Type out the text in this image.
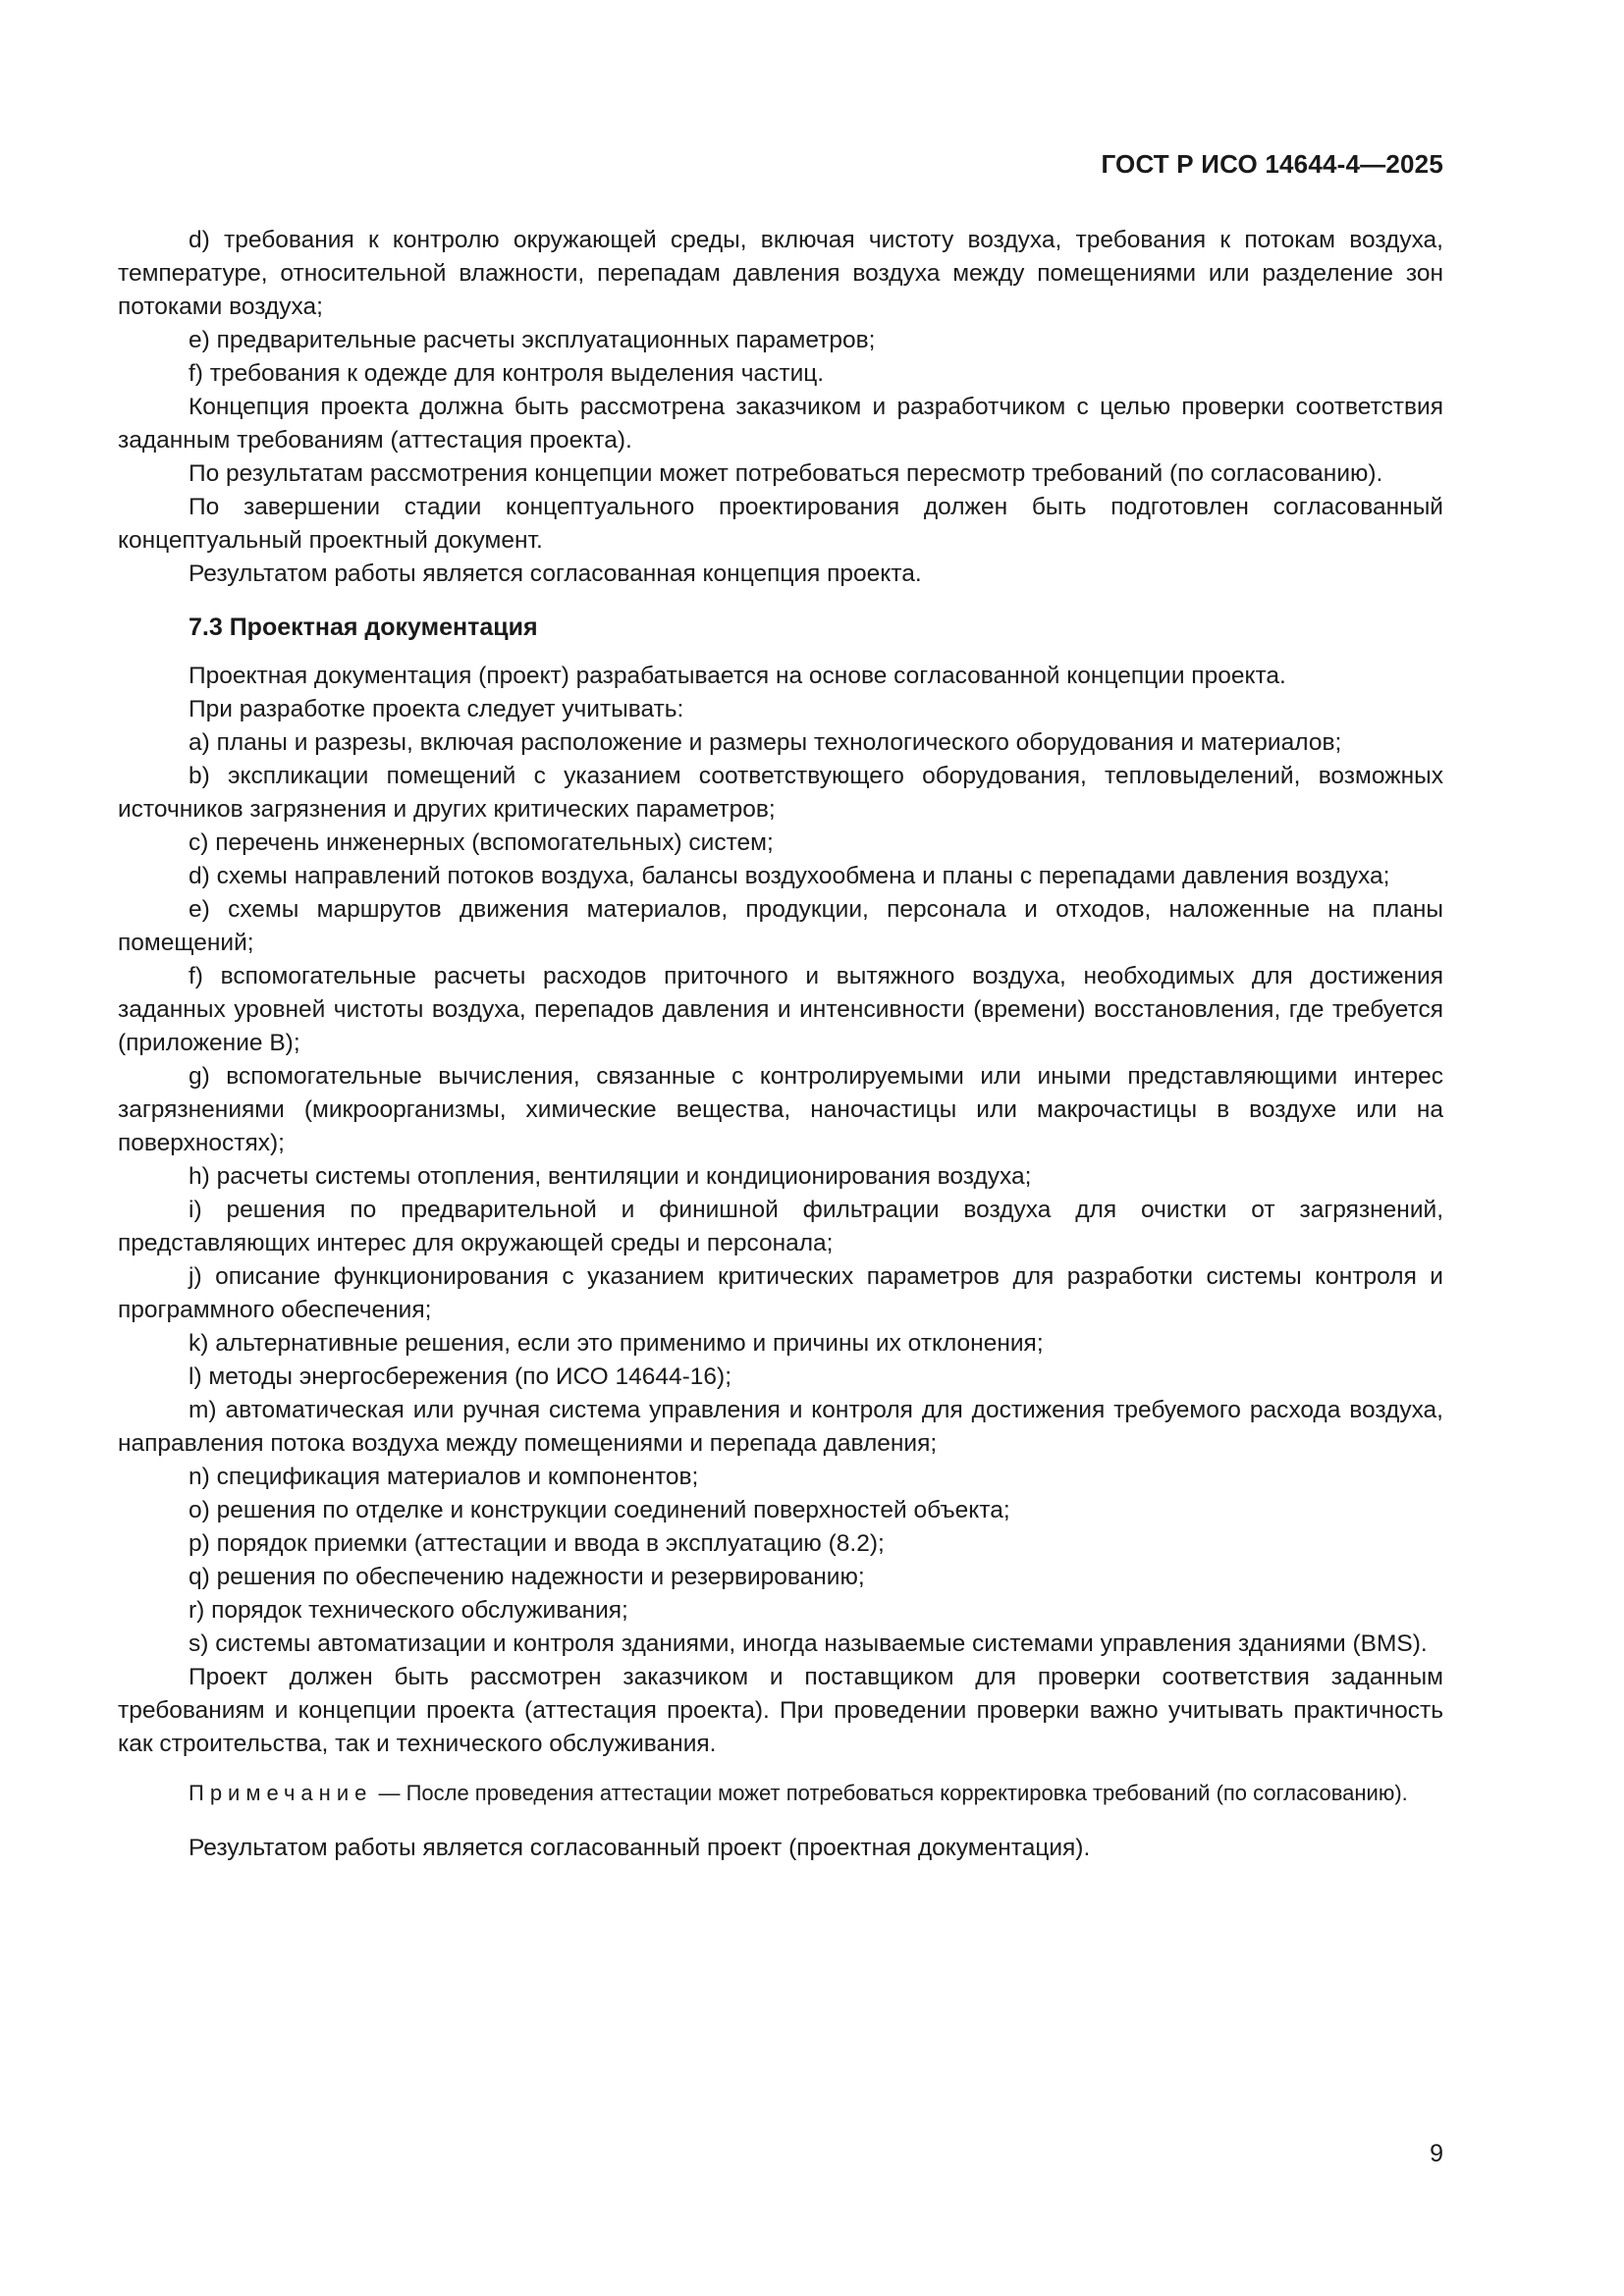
ГОСТ Р ИСО 14644-4—2025

d) требования к контролю окружающей среды, включая чистоту воздуха, требования к потокам воздуха, температуре, относительной влажности, перепадам давления воздуха между помещениями или разделение зон потоками воздуха;

e) предварительные расчеты эксплуатационных параметров;

f) требования к одежде для контроля выделения частиц.

Концепция проекта должна быть рассмотрена заказчиком и разработчиком с целью проверки соответствия заданным требованиям (аттестация проекта).

По результатам рассмотрения концепции может потребоваться пересмотр требований (по согласованию).

По завершении стадии концептуального проектирования должен быть подготовлен согласованный концептуальный проектный документ.

Результатом работы является согласованная концепция проекта.

7.3 Проектная документация

Проектная документация (проект) разрабатывается на основе согласованной концепции проекта.

При разработке проекта следует учитывать:

a) планы и разрезы, включая расположение и размеры технологического оборудования и материалов;

b) экспликации помещений с указанием соответствующего оборудования, тепловыделений, возможных источников загрязнения и других критических параметров;

c) перечень инженерных (вспомогательных) систем;

d) схемы направлений потоков воздуха, балансы воздухообмена и планы с перепадами давления воздуха;

e) схемы маршрутов движения материалов, продукции, персонала и отходов, наложенные на планы помещений;

f) вспомогательные расчеты расходов приточного и вытяжного воздуха, необходимых для достижения заданных уровней чистоты воздуха, перепадов давления и интенсивности (времени) восстановления, где требуется (приложение B);

g) вспомогательные вычисления, связанные с контролируемыми или иными представляющими интерес загрязнениями (микроорганизмы, химические вещества, наночастицы или макрочастицы в воздухе или на поверхностях);

h) расчеты системы отопления, вентиляции и кондиционирования воздуха;

i) решения по предварительной и финишной фильтрации воздуха для очистки от загрязнений, представляющих интерес для окружающей среды и персонала;

j) описание функционирования с указанием критических параметров для разработки системы контроля и программного обеспечения;

k) альтернативные решения, если это применимо и причины их отклонения;

l) методы энергосбережения (по ИСО 14644-16);

m) автоматическая или ручная система управления и контроля для достижения требуемого расхода воздуха, направления потока воздуха между помещениями и перепада давления;

n) спецификация материалов и компонентов;

o) решения по отделке и конструкции соединений поверхностей объекта;

p) порядок приемки (аттестации и ввода в эксплуатацию (8.2);

q) решения по обеспечению надежности и резервированию;

r) порядок технического обслуживания;

s) системы автоматизации и контроля зданиями, иногда называемые системами управления зданиями (BMS).

Проект должен быть рассмотрен заказчиком и поставщиком для проверки соответствия заданным требованиям и концепции проекта (аттестация проекта). При проведении проверки важно учитывать практичность как строительства, так и технического обслуживания.

Примечание — После проведения аттестации может потребоваться корректировка требований (по согласованию).

Результатом работы является согласованный проект (проектная документация).

9
